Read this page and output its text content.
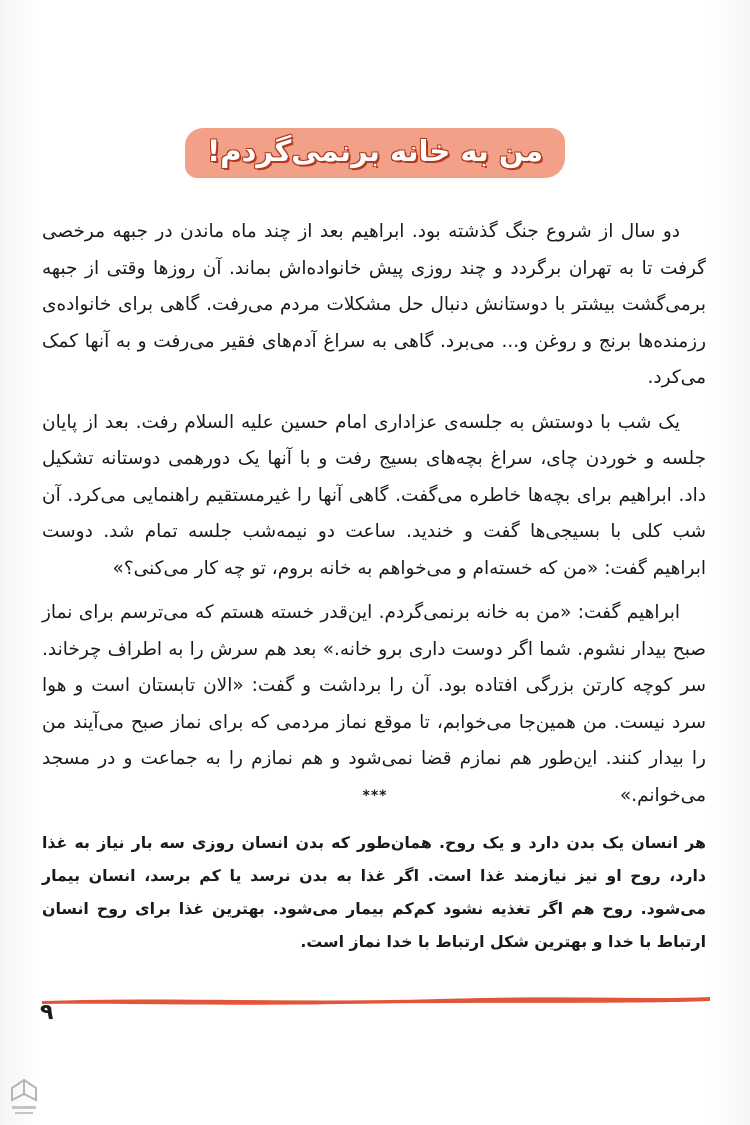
من به خانه برنمی‌گردم!

دو سال از شروع جنگ گذشته بود. ابراهیم بعد از چند ماه ماندن در جبهه مرخصی گرفت تا به تهران برگردد و چند روزی پیش خانواده‌اش بماند. آن روزها وقتی از جبهه برمی‌گشت بیشتر با دوستانش دنبال حل مشکلات مردم می‌رفت. گاهی برای خانواده‌ی رزمنده‌ها برنج و روغن و... می‌برد. گاهی به سراغ آدم‌های فقیر می‌رفت و به آنها کمک می‌کرد.

یک شب با دوستش به جلسه‌ی عزاداری امام حسین علیه السلام رفت. بعد از پایان جلسه و خوردن چای، سراغ بچه‌های بسیج رفت و با آنها یک دورهمی دوستانه تشکیل داد. ابراهیم برای بچه‌ها خاطره می‌گفت. گاهی آنها را غیرمستقیم راهنمایی می‌کرد. آن شب کلی با بسیجی‌ها گفت و خندید. ساعت دو نیمه‌شب جلسه تمام شد. دوست ابراهیم گفت: «من که خسته‌ام و می‌خواهم به خانه بروم، تو چه کار می‌کنی؟»

ابراهیم گفت: «من به خانه برنمی‌گردم. این‌قدر خسته هستم که می‌ترسم برای نماز صبح بیدار نشوم. شما اگر دوست داری برو خانه.» بعد هم سرش را به اطراف چرخاند. سر کوچه کارتن بزرگی افتاده بود. آن را برداشت و گفت: «الان تابستان است و هوا سرد نیست. من همین‌جا می‌خوابم، تا موقع نماز مردمی که برای نماز صبح می‌آیند من را بیدار کنند. این‌طور هم نمازم قضا نمی‌شود و هم نمازم را به جماعت و در مسجد می‌خوانم.»

***
هر انسان یک بدن دارد و یک روح. همان‌طور که بدن انسان روزی سه بار نیاز به غذا دارد، روح او نیز نیازمند غذا است. اگر غذا به بدن نرسد یا کم برسد، انسان بیمار می‌شود. روح هم اگر تغذیه نشود کم‌کم بیمار می‌شود. بهترین غذا برای روح انسان ارتباط با خدا و بهترین شکل ارتباط با خدا نماز است.
۹
